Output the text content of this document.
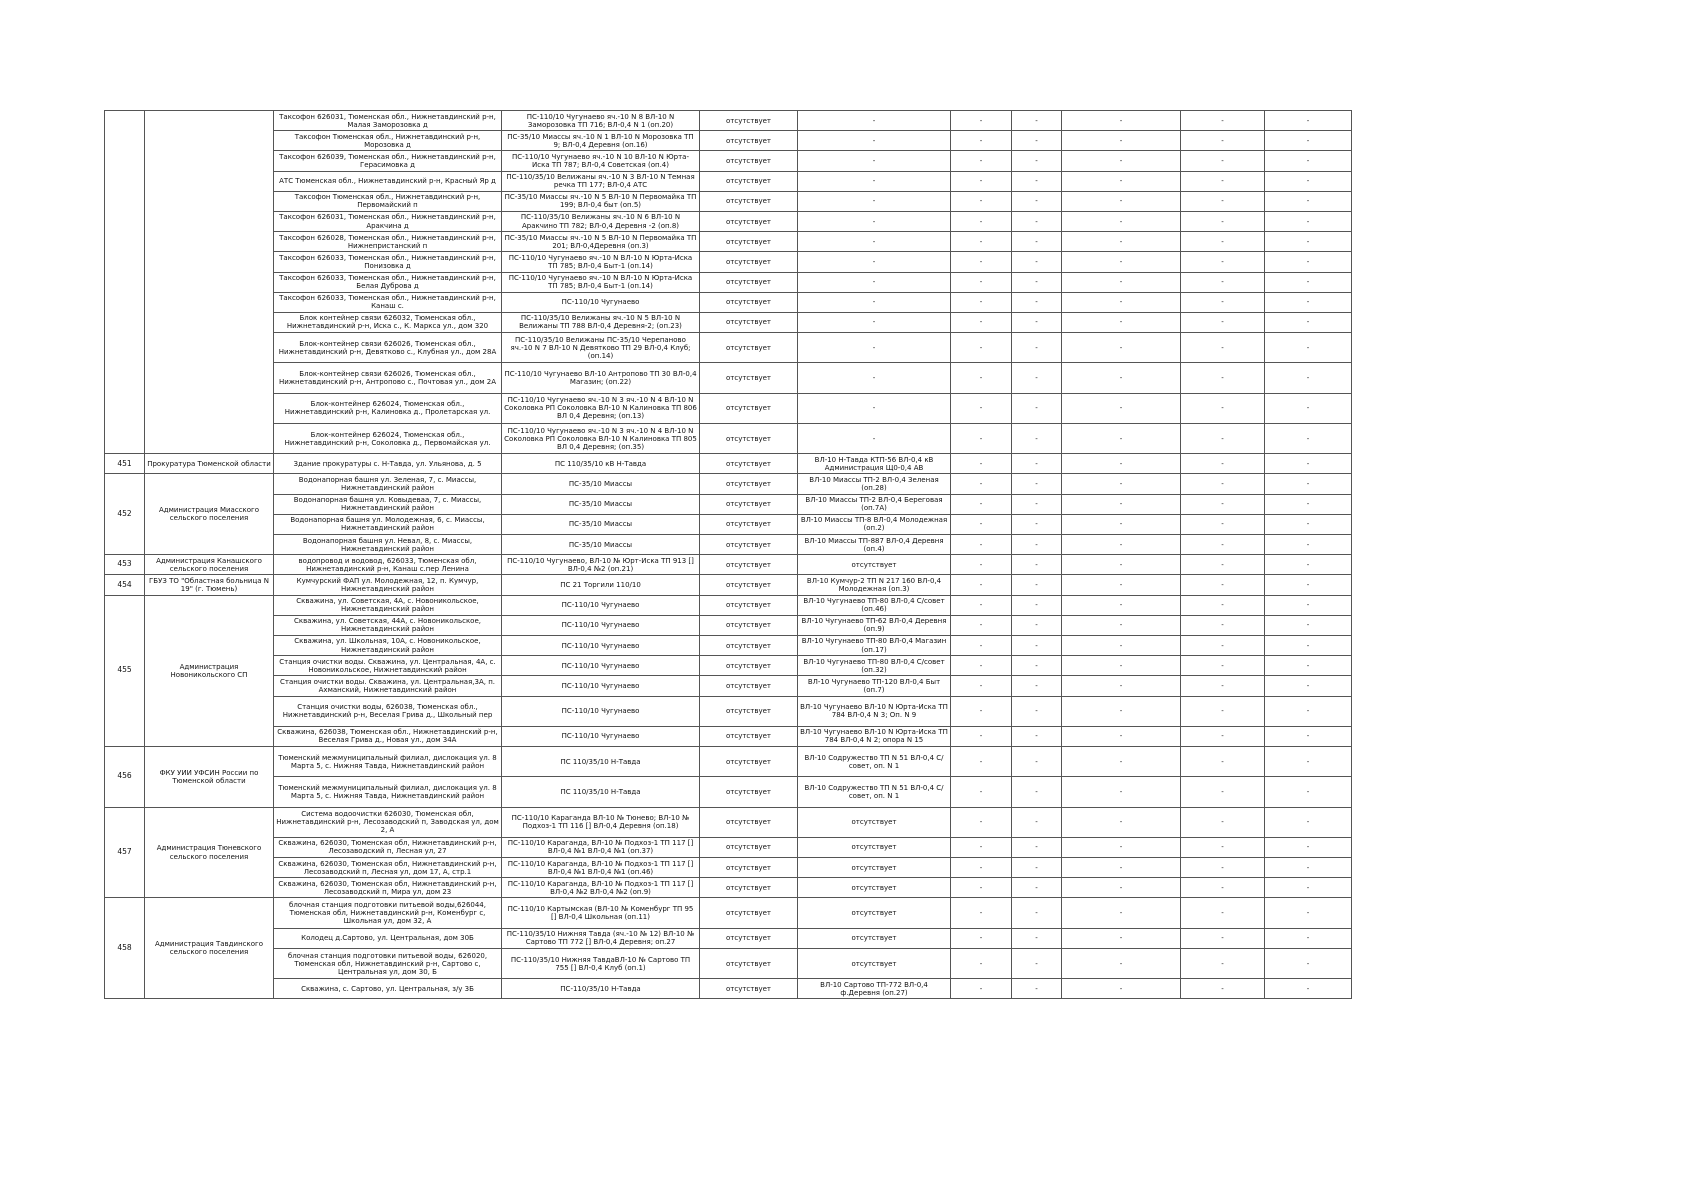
		Таксофон 626031, Тюменская обл., Нижнетавдинский р-н, Малая Заморозовка д	ПС-110/10 Чугунаево яч.-10 N 8 ВЛ-10 N Заморозовка ТП 716; ВЛ-0,4 N 1 (оп.20)	отсутствует	-	-	-	-	-	-
		Таксофон Тюменская обл., Нижнетавдинский р-н, Морозовка д	ПС-35/10 Миассы яч.-10 N 1 ВЛ-10 N Морозовка ТП 9; ВЛ-0,4 Деревня (оп.16)	отсутствует	-	-	-	-	-	-
		Таксофон 626039, Тюменская обл., Нижнетавдинский р-н, Герасимовка д	ПС-110/10 Чугунаево яч.-10 N 10 ВЛ-10 N Юрта-Иска ТП 787; ВЛ-0,4 Советская (оп.4)	отсутствует	-	-	-	-	-	-
		АТС Тюменская обл., Нижнетавдинский р-н, Красный Яр д	ПС-110/35/10 Велижаны яч.-10 N 3 ВЛ-10 N Темная речка ТП 177; ВЛ-0,4 АТС	отсутствует	-	-	-	-	-	-
		Таксофон Тюменская обл., Нижнетавдинский р-н, Первомайский п	ПС-35/10 Миассы яч.-10 N 5 ВЛ-10 N Первомайка ТП 199; ВЛ-0,4 быт (оп.5)	отсутствует	-	-	-	-	-	-
		Таксофон 626031, Тюменская обл., Нижнетавдинский р-н, Аракчина д	ПС-110/35/10 Велижаны яч.-10 N 6 ВЛ-10 N Аракчино ТП 782; ВЛ-0,4 Деревня -2 (оп.8)	отсутствует	-	-	-	-	-	-
		Таксофон 626028, Тюменская обл., Нижнетавдинский р-н, Нижнепристанский п	ПС-35/10 Миассы яч.-10 N 5 ВЛ-10 N Первомайка ТП 201; ВЛ-0,4Деревня (оп.3)	отсутствует	-	-	-	-	-	-
		Таксофон 626033, Тюменская обл., Нижнетавдинский р-н, Понизовка д	ПС-110/10 Чугунаево яч.-10 N ВЛ-10 N Юрта-Иска ТП 785; ВЛ-0,4 Быт-1 (оп.14)	отсутствует	-	-	-	-	-	-
		Таксофон 626033, Тюменская обл., Нижнетавдинский р-н, Белая Дуброва д	ПС-110/10 Чугунаево яч.-10 N ВЛ-10 N Юрта-Иска ТП 785; ВЛ-0,4 Быт-1 (оп.14)	отсутствует	-	-	-	-	-	-
		Таксофон 626033, Тюменская обл., Нижнетавдинский р-н, Канаш с.	ПС-110/10 Чугунаево	отсутствует	-	-	-	-	-	-
		Блок контейнер связи 626032, Тюменская обл., Нижнетавдинский р-н, Иска с., К. Маркса ул., дом 320	ПС-110/35/10 Велижаны яч.-10 N 5 ВЛ-10 N Велижаны ТП 788 ВЛ-0,4 Деревня-2; (оп.23)	отсутствует	-	-	-	-	-	-
		Блок-контейнер связи 626026, Тюменская обл., Нижнетавдинский р-н, Девятково с., Клубная ул., дом 28А	ПС-110/35/10 Велижаны ПС-35/10 Черепаново яч.-10 N 7 ВЛ-10 N Девятково ТП 29 ВЛ-0,4 Клуб; (оп.14)	отсутствует	-	-	-	-	-	-
		Блок-контейнер связи 626026, Тюменская обл., Нижнетавдинский р-н, Антропово с., Почтовая ул., дом 2А	ПС-110/10 Чугунаево ВЛ-10 Антропово ТП 30 ВЛ-0,4 Магазин; (оп.22)	отсутствует	-	-	-	-	-	-
		Блок-контейнер 626024, Тюменская обл., Нижнетавдинский р-н, Калиновка д., Пролетарская ул.	ПС-110/10 Чугунаево яч.-10 N 3 яч.-10 N 4 ВЛ-10 N Соколовка РП Соколовка ВЛ-10 N Калиновка ТП 806 ВЛ 0,4 Деревня; (оп.13)	отсутствует	-	-	-	-	-	-
		Блок-контейнер 626024, Тюменская обл., Нижнетавдинский р-н, Соколовка д., Первомайская ул.	ПС-110/10 Чугунаево яч.-10 N 3 яч.-10 N 4 ВЛ-10 N Соколовка РП Соколовка ВЛ-10 N Калиновка ТП 805 ВЛ 0,4 Деревня; (оп.35)	отсутствует	-	-	-	-	-	-
451	Прокуратура Тюменской области	Здание прокуратуры с. Н-Тавда, ул. Ульянова, д. 5	ПС 110/35/10 кВ Н-Тавда	отсутствует	ВЛ-10 Н-Тавда КТП-56 ВЛ-0,4 кВ Администрация Щ0-0,4 АВ	-	-	-	-	-
452	Администрация Миасского сельского поселения	Водонапорная башня ул. Зеленая, 7, с. Миассы, Нижнетавдинский район	ПС-35/10 Миассы	отсутствует	ВЛ-10 Миассы ТП-2 ВЛ-0,4 Зеленая (оп.28)	-	-	-	-	-
		Водонапорная башня ул. Ковыдеваа, 7, с. Миассы, Нижнетавдинский район	ПС-35/10 Миассы	отсутствует	ВЛ-10 Миассы ТП-2 ВЛ-0,4 Береговая (оп.7А)	-	-	-	-	-
		Водонапорная башня ул. Молодежная, 6, с. Миассы, Нижнетавдинский район	ПС-35/10 Миассы	отсутствует	ВЛ-10 Миассы ТП-8 ВЛ-0,4 Молодежная (оп.2)	-	-	-	-	-
		Водонапорная башня ул. Невал, 8, с. Миассы, Нижнетавдинский район	ПС-35/10 Миассы	отсутствует	ВЛ-10 Миассы ТП-887 ВЛ-0,4 Деревня (оп.4)	-	-	-	-	-
453	Администрация Канашского сельского поселения	водопровод и водовод, 626033, Тюменская обл, Нижнетавдинский р-н, Канаш с.пер Ленина	ПС-110/10 Чугунаево, ВЛ-10 № Юрт-Иска ТП 913 [] ВЛ-0,4 №2 (оп.21)	отсутствует	отсутствует	-	-	-	-	-
454	ГБУЗ ТО "Областная больница N 19" (г. Тюмень)	Кумчурский ФАП ул. Молодежная, 12, п. Кумчур, Нижнетавдинский район	ПС 21 Торгили 110/10	отсутствует	ВЛ-10 Кумчур-2 ТП N 217 160 ВЛ-0,4 Молодежная (оп.3)	-	-	-	-	-
455	Администрация Новоникольского СП	Скважина, ул. Советская, 4А, с. Новоникольское, Нижнетавдинский район	ПС-110/10 Чугунаево	отсутствует	ВЛ-10 Чугунаево ТП-80 ВЛ-0,4 С/совет (оп.46)	-	-	-	-	-
		Скважина, ул. Советская, 44А, с. Новоникольское, Нижнетавдинский район	ПС-110/10 Чугунаево	отсутствует	ВЛ-10 Чугунаево ТП-62 ВЛ-0,4 Деревня (оп.9)	-	-	-	-	-
		Скважина, ул. Школьная, 10А, с. Новоникольское, Нижнетавдинский район	ПС-110/10 Чугунаево	отсутствует	ВЛ-10 Чугунаево ТП-80 ВЛ-0,4 Магазин (оп.17)	-	-	-	-	-
		Станция очистки воды. Скважина, ул. Центральная, 4А, с. Новоникольское, Нижнетавдинский район	ПС-110/10 Чугунаево	отсутствует	ВЛ-10 Чугунаево ТП-80 ВЛ-0,4 С/совет (оп.32)	-	-	-	-	-
		Станция очистки воды. Скважина, ул. Центральная,3А, п. Ахманский, Нижнетавдинский район	ПС-110/10 Чугунаево	отсутствует	ВЛ-10 Чугунаево ТП-120 ВЛ-0,4 Быт (оп.7)	-	-	-	-	-
		Станция очистки воды, 626038, Тюменская обл., Нижнетавдинский р-н, Веселая Грива д., Школьный пер	ПС-110/10 Чугунаево	отсутствует	ВЛ-10 Чугунаево ВЛ-10 N Юрта-Иска ТП 784 ВЛ-0,4 N 3; Оп. N 9	-	-	-	-	-
		Скважина, 626038, Тюменская обл., Нижнетавдинский р-н, Веселая Грива д., Новая ул., дом 34А	ПС-110/10 Чугунаево	отсутствует	ВЛ-10 Чугунаево ВЛ-10 N Юрта-Иска ТП 784 ВЛ-0,4 N 2; опора N 15	-	-	-	-	-
456	ФКУ УИИ УФСИН России по Тюменской области	Тюменский межмуниципальный филиал, дислокация ул. 8 Марта 5, с. Нижняя Тавда, Нижнетавдинский район	ПС 110/35/10 Н-Тавда	отсутствует	ВЛ-10 Содружество ТП N 51 ВЛ-0,4 С/совет, оп. N 1	-	-	-	-	-
		Тюменский межмуниципальный филиал, дислокация ул. 8 Марта 5, с. Нижняя Тавда, Нижнетавдинский район	ПС 110/35/10 Н-Тавда	отсутствует	ВЛ-10 Содружество ТП N 51 ВЛ-0,4 С/совет, оп. N 1	-	-	-	-	-
457	Администрация Тюневского сельского поселения	Система водоочистки 626030, Тюменская обл, Нижнетавдинский р-н, Лесозаводский п, Заводская ул, дом 2, А	ПС-110/10 Караганда ВЛ-10 № Тюнево; ВЛ-10 № Подхоз-1 ТП 116 [] ВЛ-0,4 Деревня (оп.18)	отсутствует	отсутствует	-	-	-	-	-
		Скважина, 626030, Тюменская обл, Нижнетавдинский р-н, Лесозаводский п, Лесная ул, 27	ПС-110/10 Караганда, ВЛ-10 № Подхоз-1 ТП 117 [] ВЛ-0,4 №1 ВЛ-0,4 №1 (оп.37)	отсутствует	отсутствует	-	-	-	-	-
		Скважина, 626030, Тюменская обл, Нижнетавдинский р-н, Лесозаводский п, Лесная ул, дом 17, А, стр.1	ПС-110/10 Караганда, ВЛ-10 № Подхоз-1 ТП 117 [] ВЛ-0,4 №1 ВЛ-0,4 №1 (оп.46)	отсутствует	отсутствует	-	-	-	-	-
		Скважина, 626030, Тюменская обл, Нижнетавдинский р-н, Лесозаводский п, Мира ул, дом 23	ПС-110/10 Караганда, ВЛ-10 № Подхоз-1 ТП 117 [] ВЛ-0,4 №2 ВЛ-0,4 №2 (оп.9)	отсутствует	отсутствует	-	-	-	-	-
458	Администрация Тавдинского сельского поселения	блочная станция подготовки питьевой воды,626044, Тюменская обл, Нижнетавдинский р-н, Коменбург с, Школьная ул, дом 32, А	ПС-110/10 Картымская (ВЛ-10 № Коменбург ТП 95 [] ВЛ-0,4 Школьная (оп.11)	отсутствует	отсутствует	-	-	-	-	-
		Колодец д.Сартово, ул. Центральная, дом 30Б	ПС-110/35/10 Нижняя Тавда (яч.-10 № 12) ВЛ-10 № Сартово ТП 772 [] ВЛ-0,4 Деревня; оп.27	отсутствует	отсутствует	-	-	-	-	-
		блочная станция подготовки питьевой воды, 626020, Тюменская обл, Нижнетавдинский р-н, Сартово с, Центральная ул, дом 30, Б	ПС-110/35/10 Нижняя ТавдаВЛ-10 № Сартово ТП 755 [] ВЛ-0,4 Клуб (оп.1)	отсутствует	отсутствует	-	-	-	-	-
		Скважина, с. Сартово, ул. Центральная, з/у 3Б	ПС-110/35/10 Н-Тавда	отсутствует	ВЛ-10 Сартово ТП-772 ВЛ-0,4 ф.Деревня (оп.27)	-	-	-	-	-
